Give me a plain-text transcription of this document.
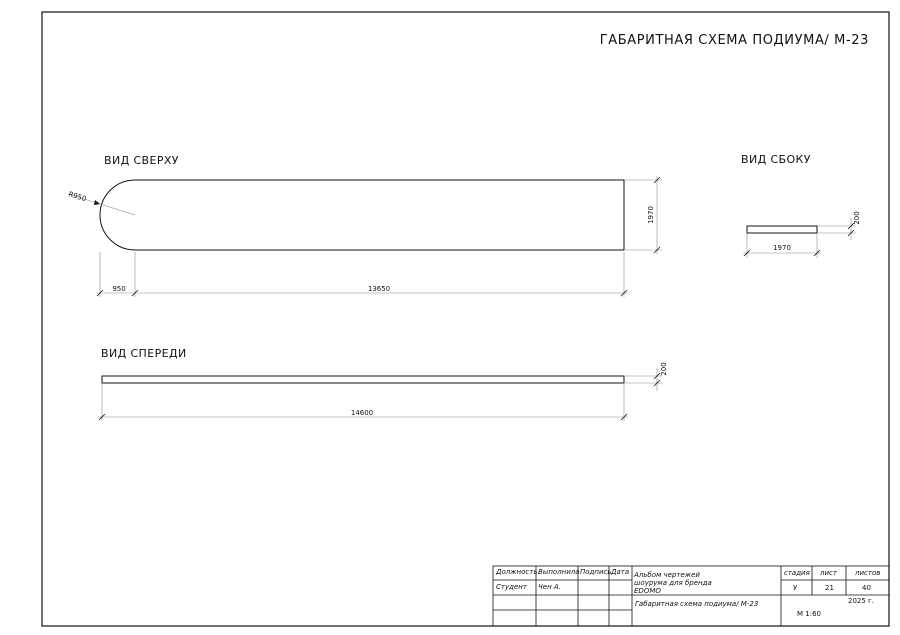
ГАБАРИТНАЯ СХЕМА ПОДИУМА/ М-23
ВИД СВЕРХУ
R950
1970
950	13650
ВИД СБОКУ
200
1970
ВИД СПЕРЕДИ
200
14600
Должность Выполнила Подпись Дата
Студент Чен А.
Альбом чертежей шоурума для бренда EDOMO
Габаритная схема подиума/ М-23
стадия лист	листов
У	21	40
2025 г.
М 1:60
